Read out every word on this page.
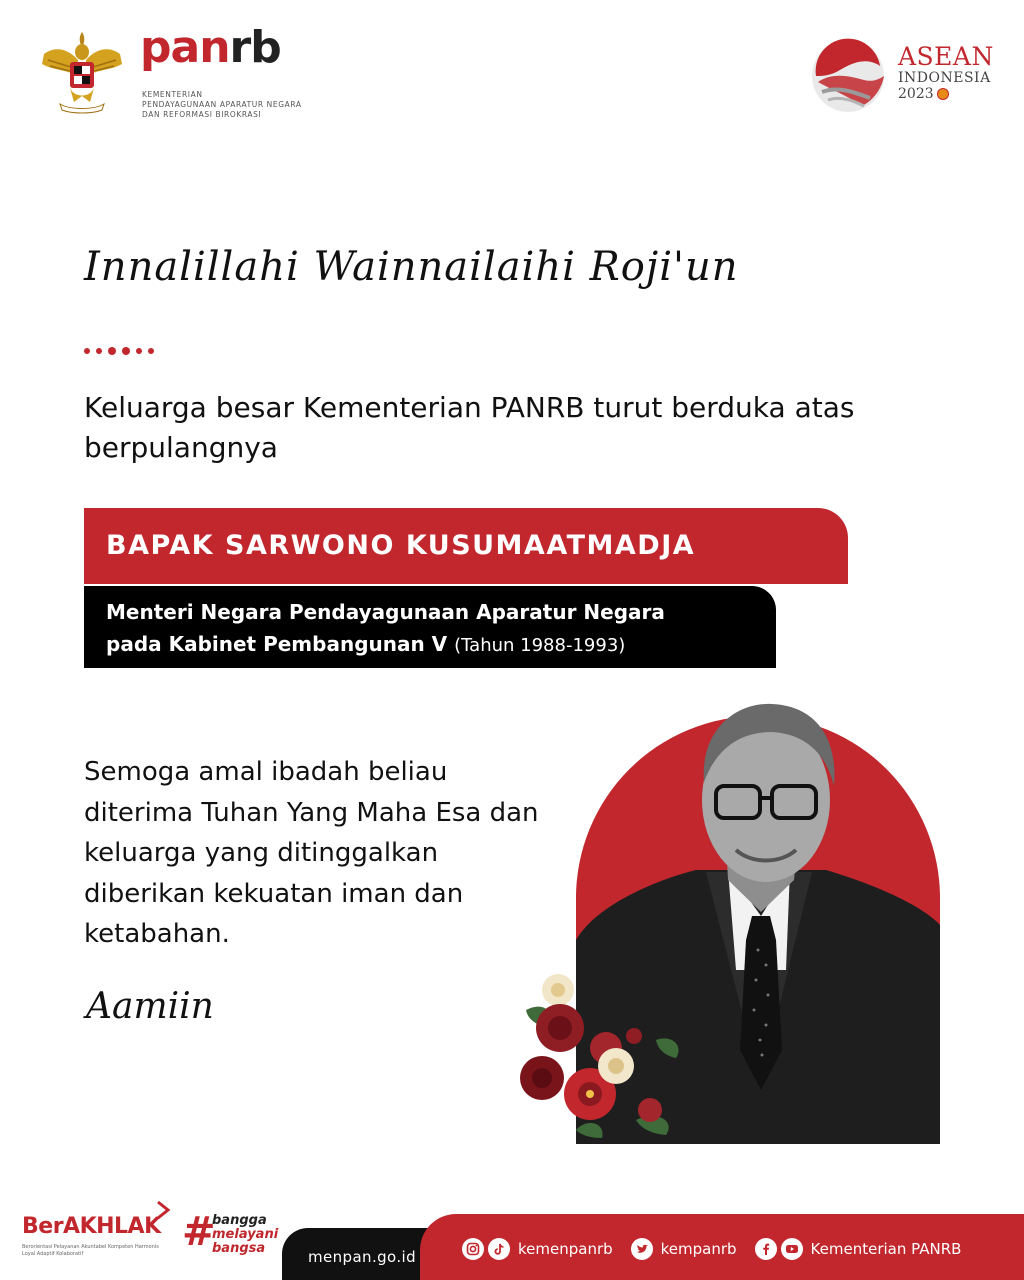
panrb
KEMENTERIAN
PENDAYAGUNAAN APARATUR NEGARA
DAN REFORMASI BIROKRASI
ASEAN
INDONESIA
2023
Innalillahi Wainnailaihi Roji'un
Keluarga besar Kementerian PANRB turut berduka atas berpulangnya
BAPAK SARWONO KUSUMAATMADJA
Menteri Negara Pendayagunaan Aparatur Negara
pada Kabinet Pembangunan V (Tahun 1988-1993)
Semoga amal ibadah beliau diterima Tuhan Yang Maha Esa dan keluarga yang ditinggalkan diberikan kekuatan iman dan ketabahan.
Aamiin
BerAKHLAK
Berorientasi Pelayanan Akuntabel Kompeten Harmonis Loyal Adaptif Kolaboratif	#
bangga
melayani
bangsa	menpan.go.id	kemenpanrb	kempanrb	Kementerian PANRB
